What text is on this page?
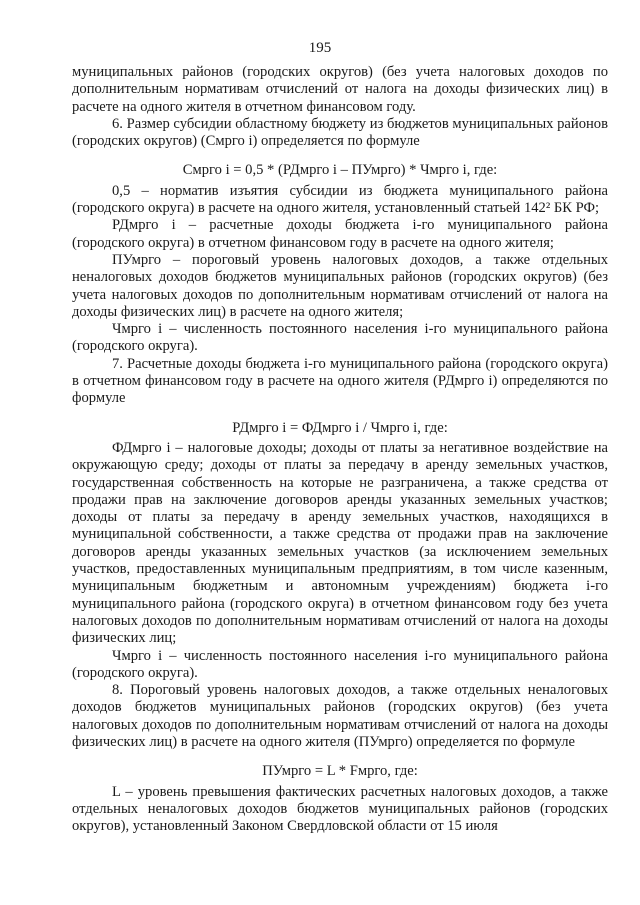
195

муниципальных районов (городских округов) (без учета налоговых доходов по дополнительным нормативам отчислений от налога на доходы физических лиц) в расчете на одного жителя в отчетном финансовом году.

6. Размер субсидии областному бюджету из бюджетов муниципальных районов (городских округов) (Смрго i) определяется по формуле

Смрго i = 0,5 * (РДмрго i – ПУмрго) * Чмрго i, где:

0,5 – норматив изъятия субсидии из бюджета муниципального района (городского округа) в расчете на одного жителя, установленный статьей 142² БК РФ;

РДмрго i – расчетные доходы бюджета i-го муниципального района (городского округа) в отчетном финансовом году в расчете на одного жителя;

ПУмрго – пороговый уровень налоговых доходов, а также отдельных неналоговых доходов бюджетов муниципальных районов (городских округов) (без учета налоговых доходов по дополнительным нормативам отчислений от налога на доходы физических лиц) в расчете на одного жителя;

Чмрго i – численность постоянного населения i-го муниципального района (городского округа).

7. Расчетные доходы бюджета i-го муниципального района (городского округа) в отчетном финансовом году в расчете на одного жителя (РДмрго i) определяются по формуле

РДмрго i = ФДмрго i / Чмрго i, где:

ФДмрго i – налоговые доходы; доходы от платы за негативное воздействие на окружающую среду; доходы от платы за передачу в аренду земельных участков, государственная собственность на которые не разграничена, а также средства от продажи прав на заключение договоров аренды указанных земельных участков; доходы от платы за передачу в аренду земельных участков, находящихся в муниципальной собственности, а также средства от продажи прав на заключение договоров аренды указанных земельных участков (за исключением земельных участков, предоставленных муниципальным предприятиям, в том числе казенным, муниципальным бюджетным и автономным учреждениям) бюджета i-го муниципального района (городского округа) в отчетном финансовом году без учета налоговых доходов по дополнительным нормативам отчислений от налога на доходы физических лиц;

Чмрго i – численность постоянного населения i-го муниципального района (городского округа).

8. Пороговый уровень налоговых доходов, а также отдельных неналоговых доходов бюджетов муниципальных районов (городских округов) (без учета налоговых доходов по дополнительным нормативам отчислений от налога на доходы физических лиц) в расчете на одного жителя (ПУмрго) определяется по формуле

ПУмрго = L * Fмрго, где:

L – уровень превышения фактических расчетных налоговых доходов, а также отдельных неналоговых доходов бюджетов муниципальных районов (городских округов), установленный Законом Свердловской области от 15 июля
